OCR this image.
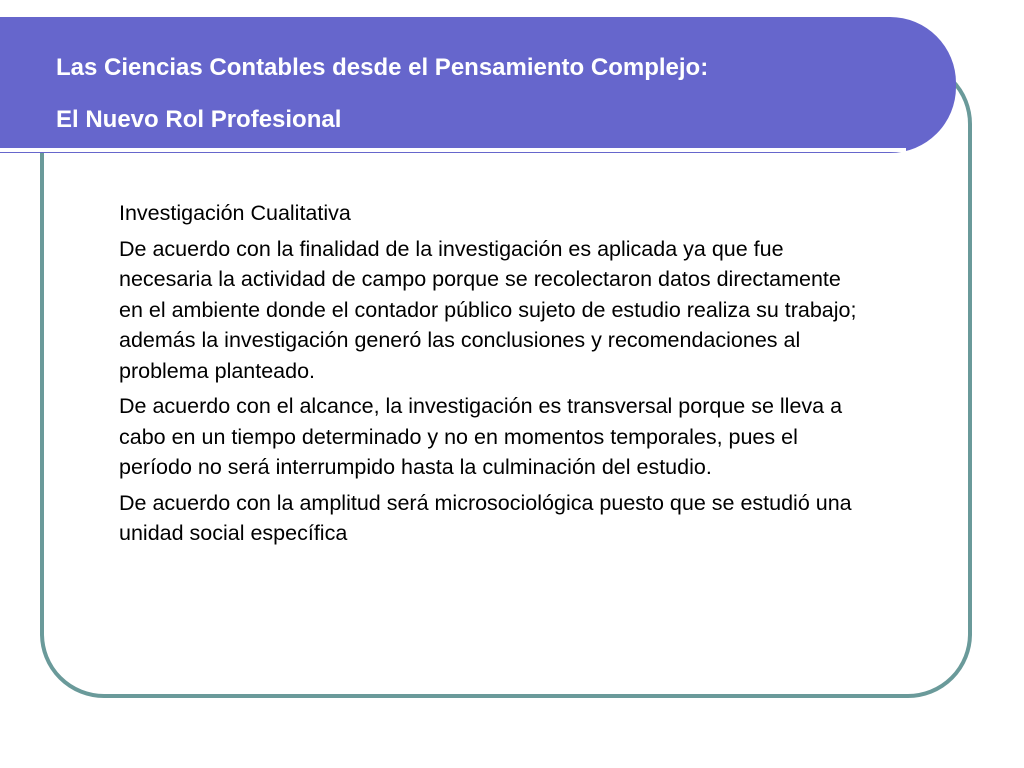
Las Ciencias Contables desde el Pensamiento Complejo:
El Nuevo Rol Profesional

Investigación Cualitativa

De acuerdo con la finalidad de la investigación es aplicada ya que fue necesaria la actividad de campo porque se recolectaron datos directamente en el ambiente donde el contador público sujeto de estudio realiza su trabajo; además la investigación generó las conclusiones y recomendaciones al problema planteado.

De acuerdo con el alcance, la investigación es transversal porque se lleva a cabo en un tiempo determinado y no en momentos temporales, pues el período no será interrumpido hasta la culminación del estudio.

De acuerdo con la amplitud será microsociológica puesto que se estudió una unidad social específica
